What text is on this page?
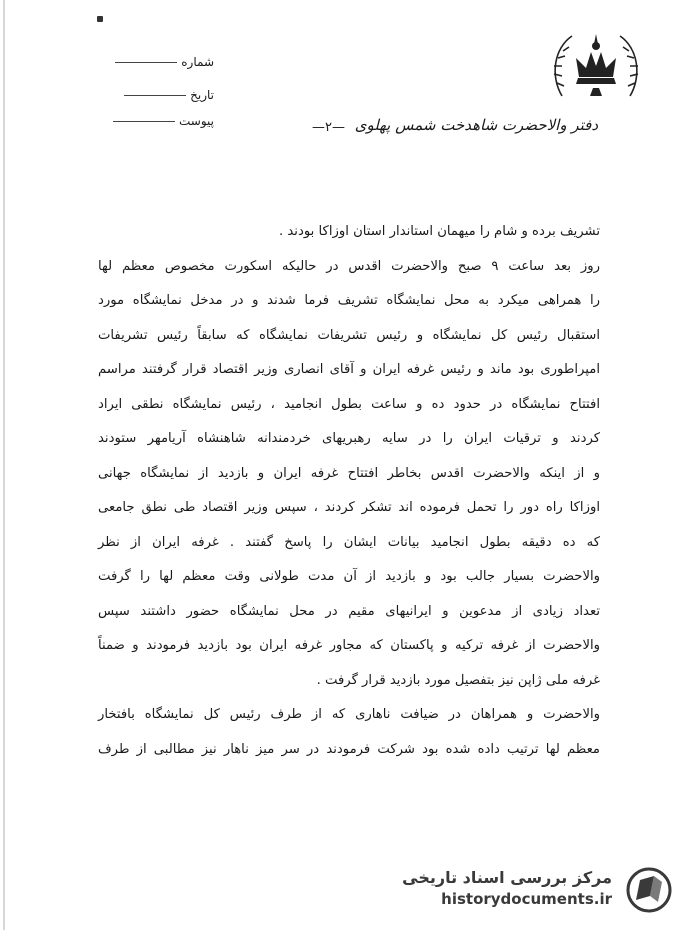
شماره
تاریخ
پیوست	—۲— دفتر والاحضرت شاهدخت شمس پهلوی
تشریف برده و شام را میهمان استاندار استان اوزاکا بودند .
روز بعد ساعت ۹ صبح والاحضرت اقدس در حالیکه اسکورت مخصوص معظم لها
را همراهی میکرد به محل نمایشگاه تشریف فرما شدند و در مدخل نمایشگاه مورد
استقبال رئیس کل نمایشگاه و رئیس تشریفات نمایشگاه که سابقاً رئیس تشریفات
امپراطوری بود ماند و رئیس غرفه ایران و آقای انصاری وزیر اقتصاد قرار گرفتند مراسم
افتتاح نمایشگاه در حدود ده و ساعت بطول انجامید ، رئیس نمایشگاه نطقی ایراد
کردند و ترقیات ایران را در سایه رهبریهای خردمندانه شاهنشاه آریامهر ستودند
و از اینکه والاحضرت اقدس بخاطر افتتاح غرفه ایران و بازدید از نمایشگاه جهانی
اوزاکا راه دور را تحمل فرموده اند تشکر کردند ، سپس وزیر اقتصاد طی نطق جامعی
که ده دقیقه بطول انجامید بیانات ایشان را پاسخ گفتند . غرفه ایران از نظر
والاحضرت بسیار جالب بود و بازدید از آن مدت طولانی وقت معظم لها را گرفت
تعداد زیادی از مدعوین و ایرانیهای مقیم در محل نمایشگاه حضور داشتند سپس
والاحضرت از غرفه ترکیه و پاکستان که مجاور غرفه ایران بود بازدید فرمودند و ضمناً
غرفه ملی ژاپن نیز بتفصیل مورد بازدید قرار گرفت .
والاحضرت و همراهان در ضیافت ناهاری که از طرف رئیس کل نمایشگاه بافتخار
معظم لها ترتیب داده شده بود شرکت فرمودند در سر میز ناهار نیز مطالبی از طرف
مرکز بررسی اسناد تاریخی
historydocuments.ir
